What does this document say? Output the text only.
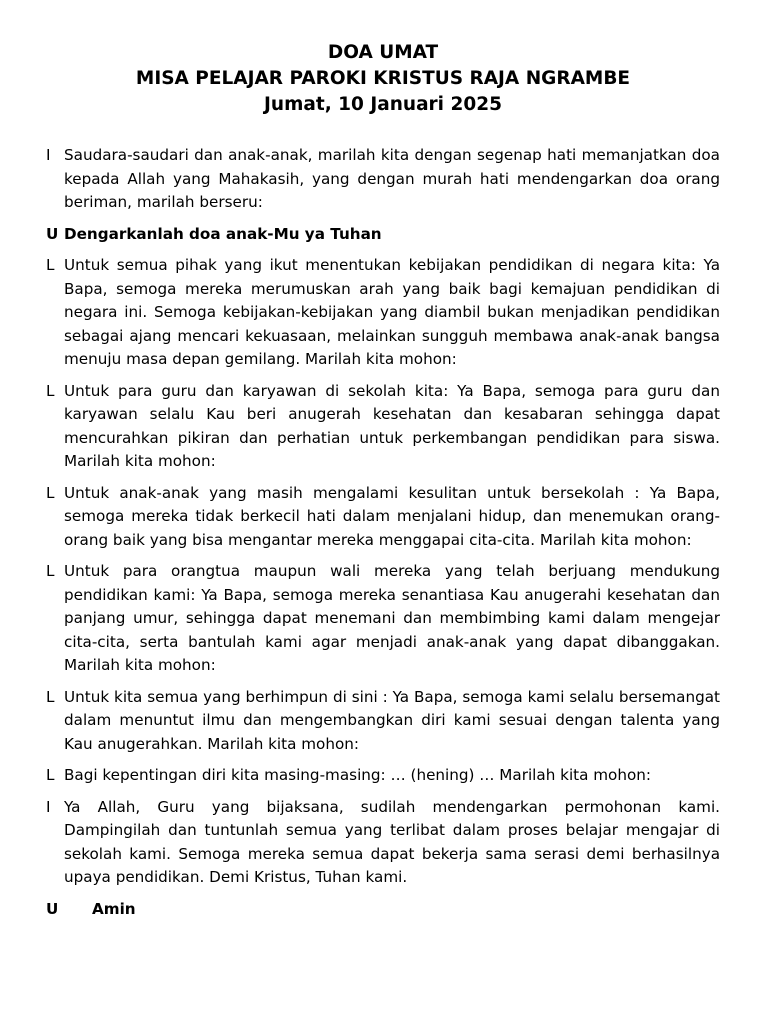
DOA UMAT
MISA PELAJAR PAROKI KRISTUS RAJA NGRAMBE
Jumat, 10 Januari 2025
I Saudara-saudari dan anak-anak, marilah kita dengan segenap hati memanjatkan doa kepada Allah yang Mahakasih, yang dengan murah hati mendengarkan doa orang beriman, marilah berseru:
U Dengarkanlah doa anak-Mu ya Tuhan
L Untuk semua pihak yang ikut menentukan kebijakan pendidikan di negara kita: Ya Bapa, semoga mereka merumuskan arah yang baik bagi kemajuan pendidikan di negara ini. Semoga kebijakan-kebijakan yang diambil bukan menjadikan pendidikan sebagai ajang mencari kekuasaan, melainkan sungguh membawa anak-anak bangsa menuju masa depan gemilang. Marilah kita mohon:
L Untuk para guru dan karyawan di sekolah kita: Ya Bapa, semoga para guru dan karyawan selalu Kau beri anugerah kesehatan dan kesabaran sehingga dapat mencurahkan pikiran dan perhatian untuk perkembangan pendidikan para siswa. Marilah kita mohon:
L Untuk anak-anak yang masih mengalami kesulitan untuk bersekolah : Ya Bapa, semoga mereka tidak berkecil hati dalam menjalani hidup, dan menemukan orang-orang baik yang bisa mengantar mereka menggapai cita-cita. Marilah kita mohon:
L Untuk para orangtua maupun wali mereka yang telah berjuang mendukung pendidikan kami: Ya Bapa, semoga mereka senantiasa Kau anugerahi kesehatan dan panjang umur, sehingga dapat menemani dan membimbing kami dalam mengejar cita-cita, serta bantulah kami agar menjadi anak-anak yang dapat dibanggakan. Marilah kita mohon:
L Untuk kita semua yang berhimpun di sini : Ya Bapa, semoga kami selalu bersemangat dalam menuntut ilmu dan mengembangkan diri kami sesuai dengan talenta yang Kau anugerahkan. Marilah kita mohon:
L Bagi kepentingan diri kita masing-masing: … (hening) … Marilah kita mohon:
I Ya Allah, Guru yang bijaksana, sudilah mendengarkan permohonan kami. Dampingilah dan tuntunlah semua yang terlibat dalam proses belajar mengajar di sekolah kami. Semoga mereka semua dapat bekerja sama serasi demi berhasilnya upaya pendidikan. Demi Kristus, Tuhan kami.
U	Amin
